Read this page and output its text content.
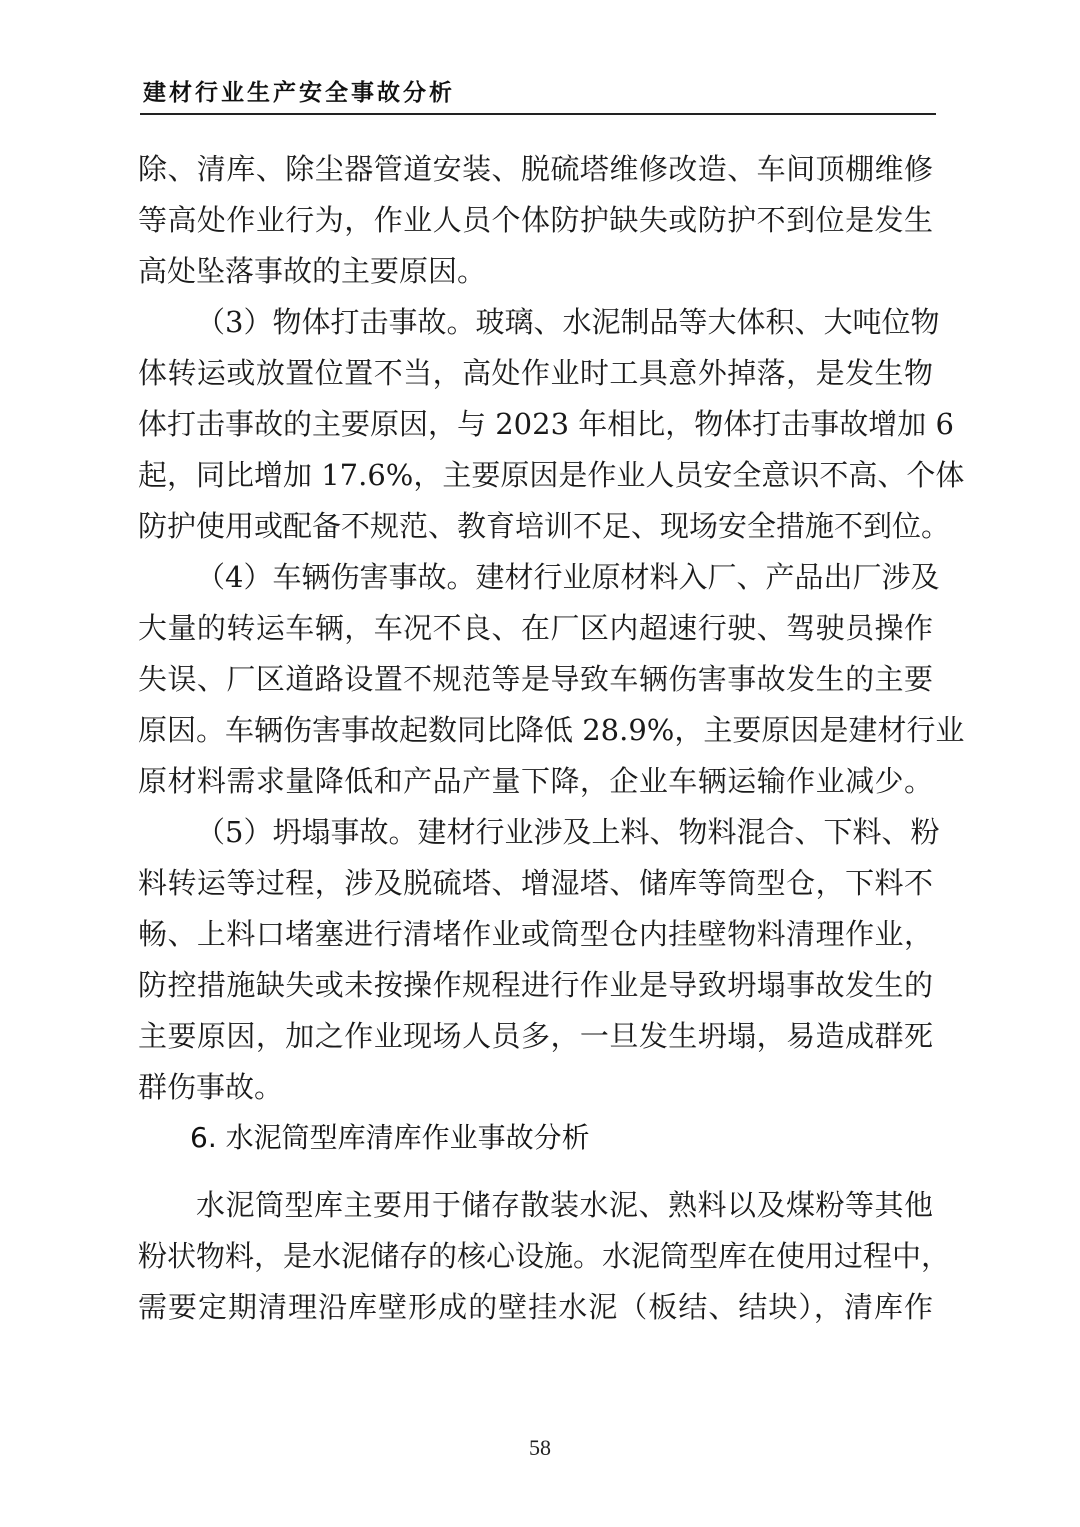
建材行业生产安全事故分析
除、清库、除尘器管道安装、脱硫塔维修改造、车间顶棚维修
等高处作业行为，作业人员个体防护缺失或防护不到位是发生
高处坠落事故的主要原因。
（3）物体打击事故。玻璃、水泥制品等大体积、大吨位物
体转运或放置位置不当，高处作业时工具意外掉落，是发生物
体打击事故的主要原因，与 2023 年相比，物体打击事故增加 6
起，同比增加 17.6%，主要原因是作业人员安全意识不高、个体
防护使用或配备不规范、教育培训不足、现场安全措施不到位。
（4）车辆伤害事故。建材行业原材料入厂、产品出厂涉及
大量的转运车辆，车况不良、在厂区内超速行驶、驾驶员操作
失误、厂区道路设置不规范等是导致车辆伤害事故发生的主要
原因。车辆伤害事故起数同比降低 28.9%，主要原因是建材行业
原材料需求量降低和产品产量下降，企业车辆运输作业减少。
（5）坍塌事故。建材行业涉及上料、物料混合、下料、粉
料转运等过程，涉及脱硫塔、增湿塔、储库等筒型仓，下料不
畅、上料口堵塞进行清堵作业或筒型仓内挂壁物料清理作业，
防控措施缺失或未按操作规程进行作业是导致坍塌事故发生的
主要原因，加之作业现场人员多，一旦发生坍塌，易造成群死
群伤事故。
6. 水泥筒型库清库作业事故分析
水泥筒型库主要用于储存散装水泥、熟料以及煤粉等其他
粉状物料，是水泥储存的核心设施。水泥筒型库在使用过程中，
需要定期清理沿库壁形成的壁挂水泥（板结、结块），清库作
58
